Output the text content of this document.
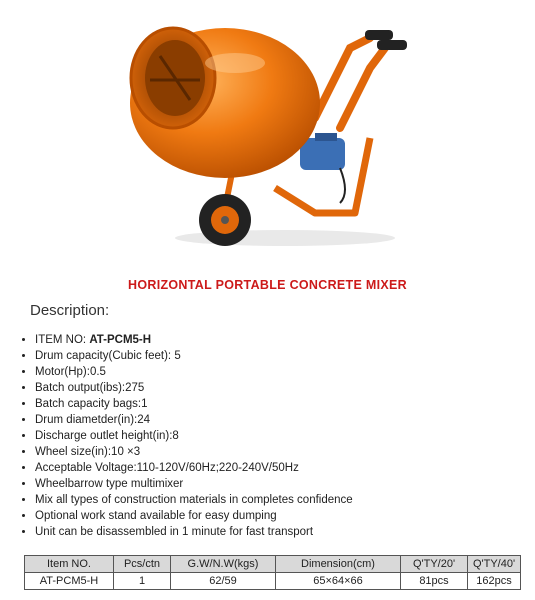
HORIZONTAL PORTABLE CONCRETE MIXER
Description:
• ITEM NO: AT-PCM5-H
• Drum capacity(Cubic feet): 5
• Motor(Hp):0.5
• Batch output(ibs):275
• Batch capacity bags:1
• Drum diametder(in):24
• Discharge outlet height(in):8
• Wheel size(in):10 ×3
• Acceptable Voltage:110-120V/60Hz;220-240V/50Hz
• Wheelbarrow type multimixer
• Mix all types of construction materials in completes confidence
• Optional work stand available for easy dumping
• Unit can be disassembled in 1 minute for fast transport
Item NO.	Pcs/ctn	G.W/N.W(kgs)	Dimension(cm)	Q'TY/20'	Q'TY/40'
AT-PCM5-H	1	62/59	65×64×66	81pcs	162pcs
